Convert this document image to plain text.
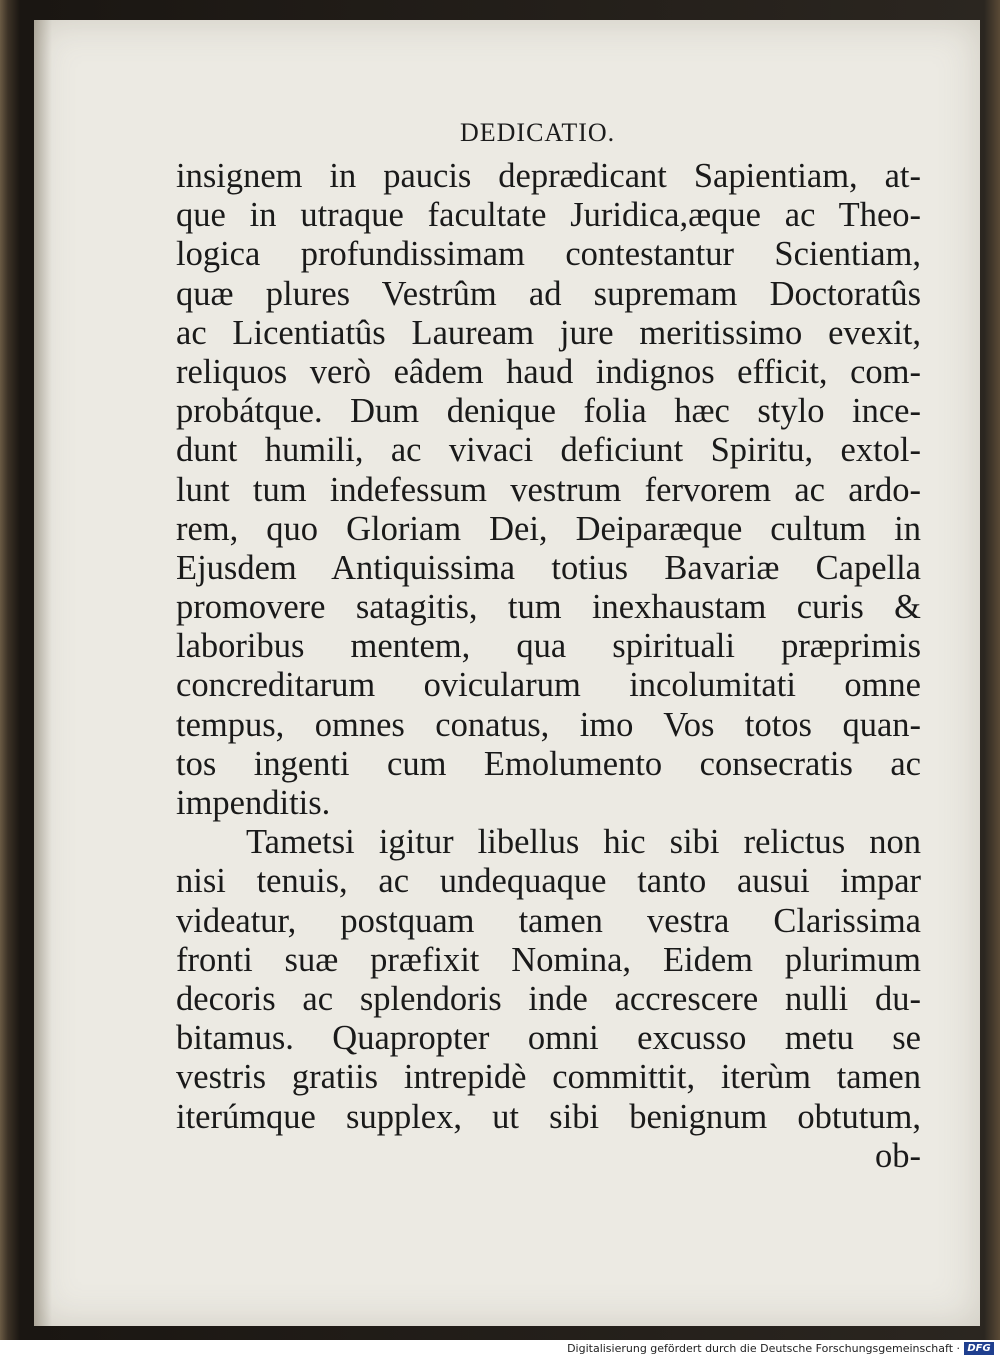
DEDICATIO.
insignem in paucis deprædicant Sapientiam, at-
que in utraque facultate Juridica,æque ac Theo-
logica profundissimam contestantur Scientiam,
quæ plures Vestrûm ad supremam Doctoratûs
ac Licentiatûs Lauream jure meritissimo evexit,
reliquos verò eâdem haud indignos efficit, com-
probátque. Dum denique folia hæc stylo ince-
dunt humili, ac vivaci deficiunt Spiritu, extol-
lunt tum indefessum vestrum fervorem ac ardo-
rem, quo Gloriam Dei, Deiparæque cultum in
Ejusdem Antiquissima totius Bavariæ Capella
promovere satagitis, tum inexhaustam curis &
laboribus mentem, qua spirituali præprimis
concreditarum ovicularum incolumitati omne
tempus, omnes conatus, imo Vos totos quan-
tos ingenti cum Emolumento consecratis ac
impenditis.
Tametsi igitur libellus hic sibi relictus non
nisi tenuis, ac undequaque tanto ausui impar
videatur, postquam tamen vestra Clarissima
fronti suæ præfixit Nomina, Eidem plurimum
decoris ac splendoris inde accrescere nulli du-
bitamus. Quapropter omni excusso metu se
vestris gratiis intrepidè committit, iterùm tamen
iterúmque supplex, ut sibi benignum obtutum,
ob-
Digitalisierung gefördert durch die Deutsche Forschungsgemeinschaft · DFG
